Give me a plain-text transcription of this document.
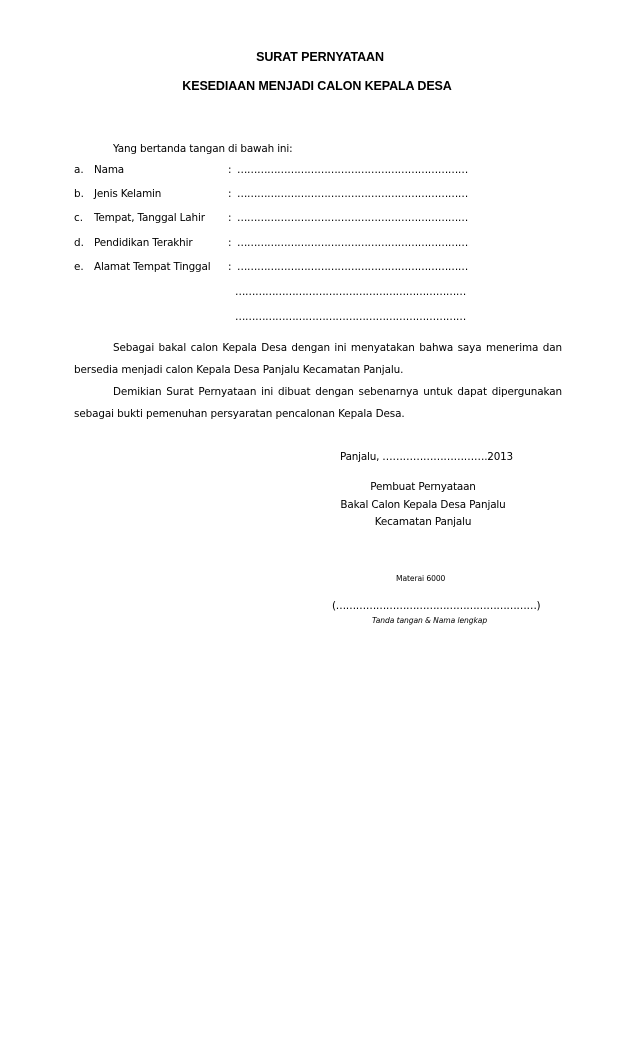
SURAT PERNYATAAN
KESEDIAAN MENJADI CALON KEPALA DESA
Yang bertanda tangan di bawah ini:
a. Nama	: ……………………………………………………………
b. Jenis Kelamin	: ……………………………………………………………
c. Tempat, Tanggal Lahir : ……………………………………………………………
d. Pendidikan Terakhir	: ……………………………………………………………
e. Alamat Tempat Tinggal : ……………………………………………………………
……………………………………………………………
……………………………………………………………
Sebagai bakal calon Kepala Desa dengan ini menyatakan bahwa saya menerima dan bersedia menjadi calon Kepala Desa Panjalu Kecamatan Panjalu.
Demikian Surat Pernyataan ini dibuat dengan sebenarnya untuk dapat dipergunakan sebagai bukti pemenuhan persyaratan pencalonan Kepala Desa.
Panjalu, ………………………….2013
Pembuat Pernyataan
Bakal Calon Kepala Desa Panjalu
Kecamatan Panjalu
Materai 6000
(……………………………………………………)
Tanda tangan & Nama lengkap
